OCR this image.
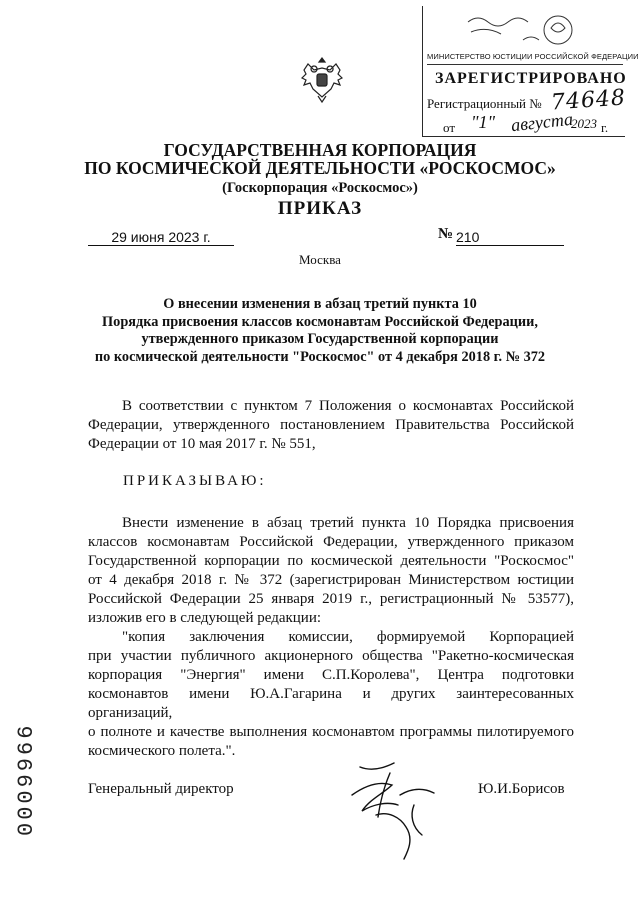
МИНИСТЕРСТВО ЮСТИЦИИ РОССИЙСКОЙ ФЕДЕРАЦИИ
ЗАРЕГИСТРИРОВАНО
Регистрационный № 74648
от "1" августа
2023 г.
ГОСУДАРСТВЕННАЯ КОРПОРАЦИЯ
ПО КОСМИЧЕСКОЙ ДЕЯТЕЛЬНОСТИ «РОСКОСМОС»
(Госкорпорация «Роскосмос»)
ПРИКАЗ
29 июня 2023 г.	№ 210
Москва
О внесении изменения в абзац третий пункта 10
Порядка присвоения классов космонавтам Российской Федерации,
утвержденного приказом Государственной корпорации
по космической деятельности "Роскосмос" от 4 декабря 2018 г. № 372
В соответствии с пунктом 7 Положения о космонавтах Российской
Федерации, утвержденного постановлением Правительства Российской
Федерации от 10 мая 2017 г. № 551,
ПРИКАЗЫВАЮ:
Внести изменение в абзац третий пункта 10 Порядка присвоения
классов космонавтам Российской Федерации, утвержденного приказом
Государственной корпорации по космической деятельности "Роскосмос"
от 4 декабря 2018 г. № 372 (зарегистрирован Министерством юстиции
Российской Федерации 25 января 2019 г., регистрационный № 53577),
изложив его в следующей редакции:
"копия заключения комиссии, формируемой Корпорацией
при участии публичного акционерного общества "Ракетно-космическая
корпорация "Энергия" имени С.П.Королева", Центра подготовки
космонавтов имени Ю.А.Гагарина и других заинтересованных организаций,
о полноте и качестве выполнения космонавтом программы пилотируемого
космического полета.".
Генеральный директор	Ю.И.Борисов
0009966
